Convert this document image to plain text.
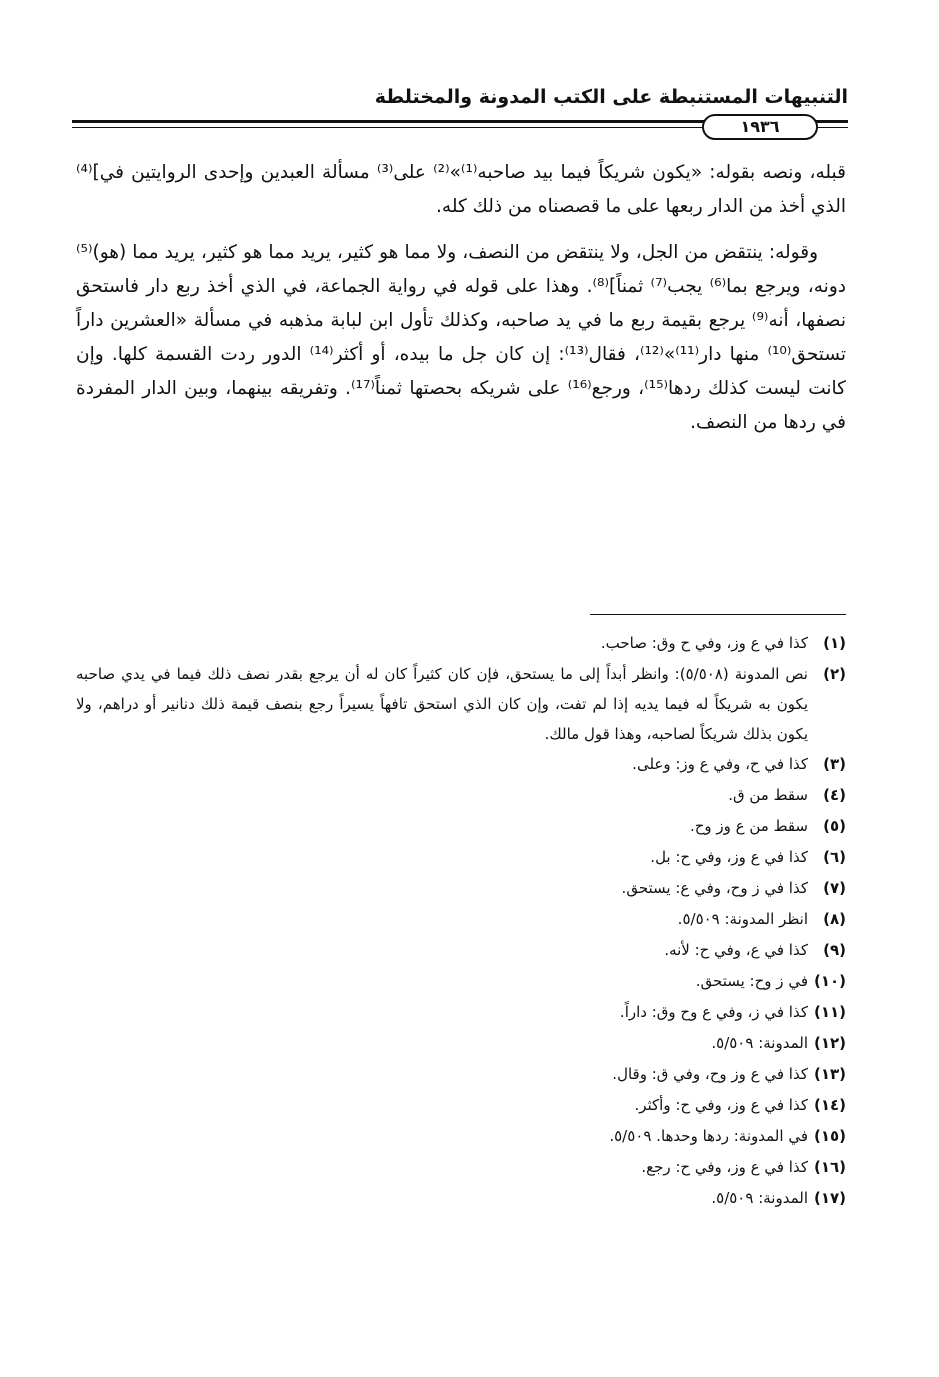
التنبيهات المستنبطة على الكتب المدونة والمختلطة
١٩٣٦

قبله، ونصه بقوله: «يكون شريكاً فيما بيد صاحبه⁽¹⁾»⁽²⁾ على⁽³⁾ مسألة العبدين وإحدى الروايتين في]⁽⁴⁾ الذي أخذ من الدار ربعها على ما قصصناه من ذلك كله.

وقوله: ينتقض من الجل، ولا ينتقض من النصف، ولا مما هو كثير، يريد مما هو كثير، يريد مما (هو)⁽⁵⁾ دونه، ويرجع بما⁽⁶⁾ يجب⁽⁷⁾ ثمناً]⁽⁸⁾. وهذا على قوله في رواية الجماعة، في الذي أخذ ربع دار فاستحق نصفها، أنه⁽⁹⁾ يرجع بقيمة ربع ما في يد صاحبه، وكذلك تأول ابن لبابة مذهبه في مسألة «العشرين داراً تستحق⁽¹⁰⁾ منها دار⁽¹¹⁾»⁽¹²⁾، فقال⁽¹³⁾: إن كان جل ما بيده، أو أكثر⁽¹⁴⁾ الدور ردت القسمة كلها. وإن كانت ليست كذلك ردها⁽¹⁵⁾، ورجع⁽¹⁶⁾ على شريكه بحصتها ثمناً⁽¹⁷⁾. وتفريقه بينهما، وبين الدار المفردة في ردها من النصف.

(١)
كذا في ع وز، وفي ح وق: صاحب.
(٢)
نص المدونة (٥/٥٠٨): وانظر أبداً إلى ما يستحق، فإن كان كثيراً كان له أن يرجع بقدر نصف ذلك فيما في يدي صاحبه يكون به شريكاً له فيما يديه إذا لم تفت، وإن كان الذي استحق تافهاً يسيراً رجع بنصف قيمة ذلك دنانير أو دراهم، ولا يكون بذلك شريكاً لصاحبه، وهذا قول مالك.
(٣)
كذا في ح، وفي ع وز: وعلى.
(٤)
سقط من ق.
(٥)
سقط من ع وز وح.
(٦)
كذا في ع وز، وفي ح: بل.
(٧)
كذا في ز وح، وفي ع: يستحق.
(٨)
انظر المدونة: ٥/٥٠٩.
(٩)
كذا في ع، وفي ح: لأنه.
(١٠)
في ز وح: يستحق.
(١١)
كذا في ز، وفي ع وح وق: داراً.
(١٢)
المدونة: ٥/٥٠٩.
(١٣)
كذا في ع وز وح، وفي ق: وقال.
(١٤)
كذا في ع وز، وفي ح: وأكثر.
(١٥)
في المدونة: ردها وحدها. ٥/٥٠٩.
(١٦)
كذا في ع وز، وفي ح: رجع.
(١٧)
المدونة: ٥/٥٠٩.
